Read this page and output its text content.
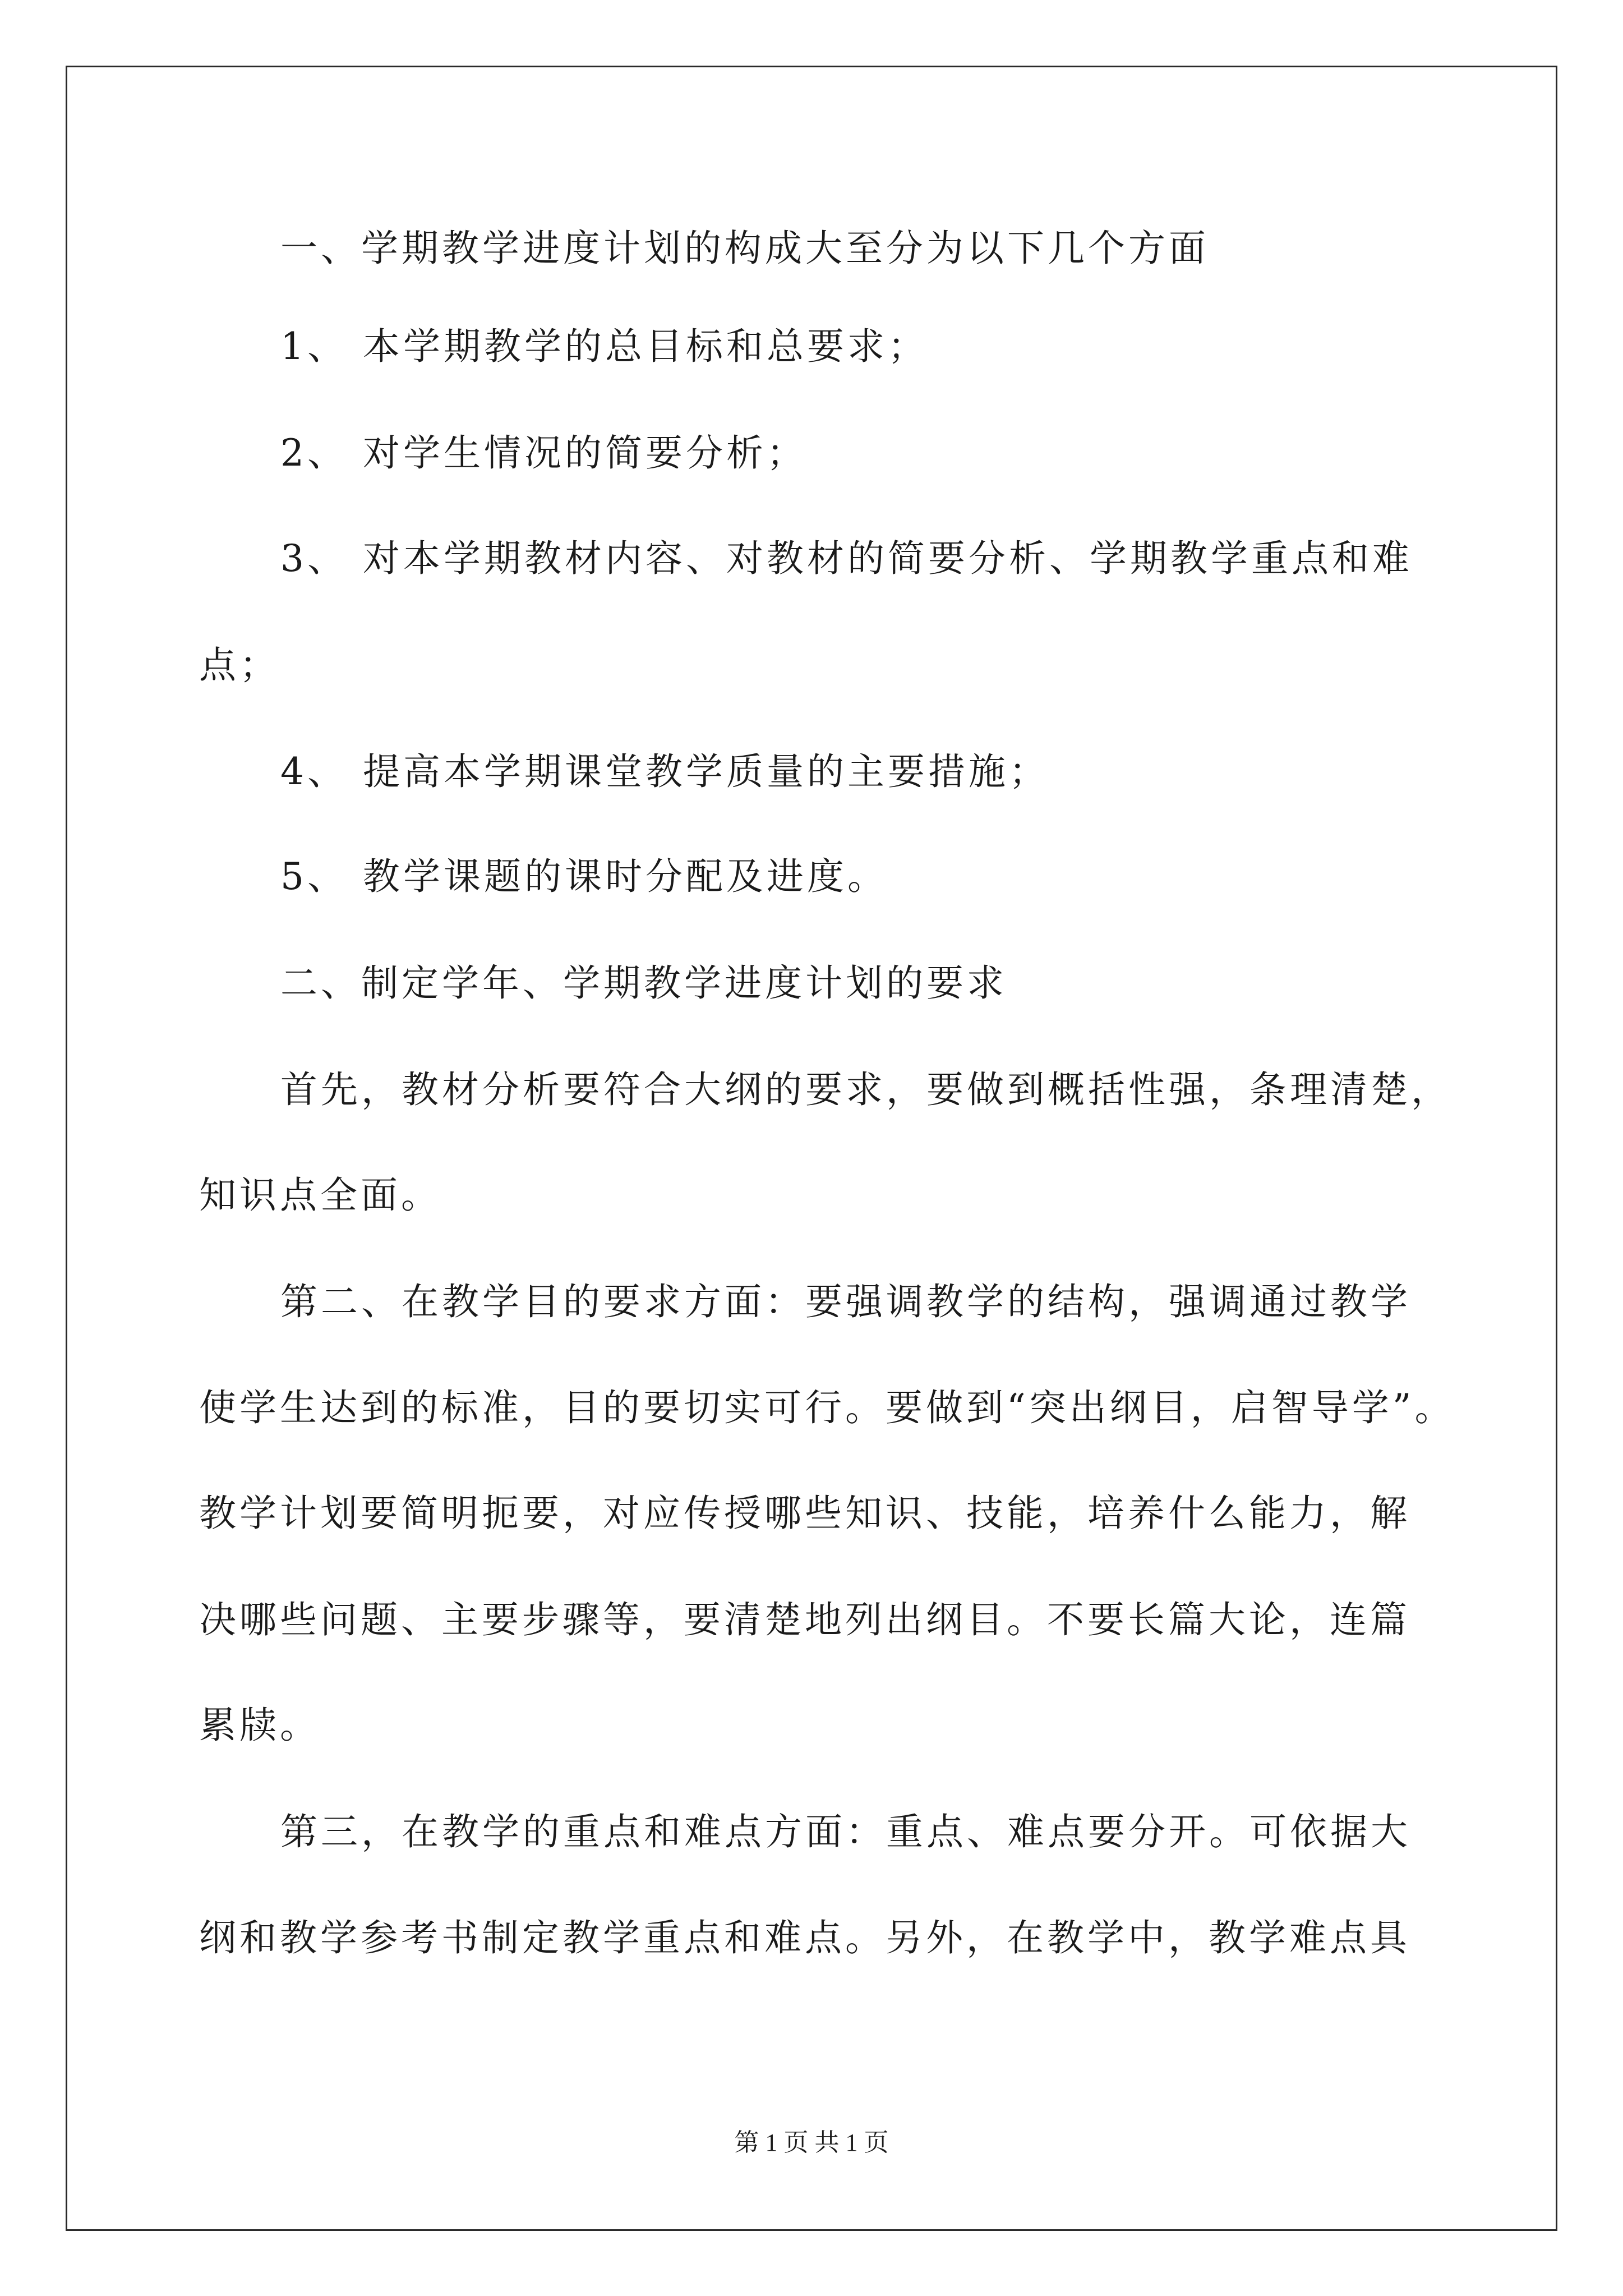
一、学期教学进度计划的构成大至分为以下几个方面
1、 本学期教学的总目标和总要求；
2、 对学生情况的简要分析；
3、 对本学期教材内容、对教材的简要分析、学期教学重点和难
点；
4、 提高本学期课堂教学质量的主要措施；
5、 教学课题的课时分配及进度。
二、制定学年、学期教学进度计划的要求
首先，教材分析要符合大纲的要求，要做到概括性强，条理清楚，
知识点全面。
第二、在教学目的要求方面：要强调教学的结构，强调通过教学
使学生达到的标准，目的要切实可行。要做到“突出纲目，启智导学”。
教学计划要简明扼要，对应传授哪些知识、技能，培养什么能力，解
决哪些问题、主要步骤等，要清楚地列出纲目。不要长篇大论，连篇
累牍。
第三，在教学的重点和难点方面：重点、难点要分开。可依据大
纲和教学参考书制定教学重点和难点。另外，在教学中，教学难点具
第 1 页 共 1 页
